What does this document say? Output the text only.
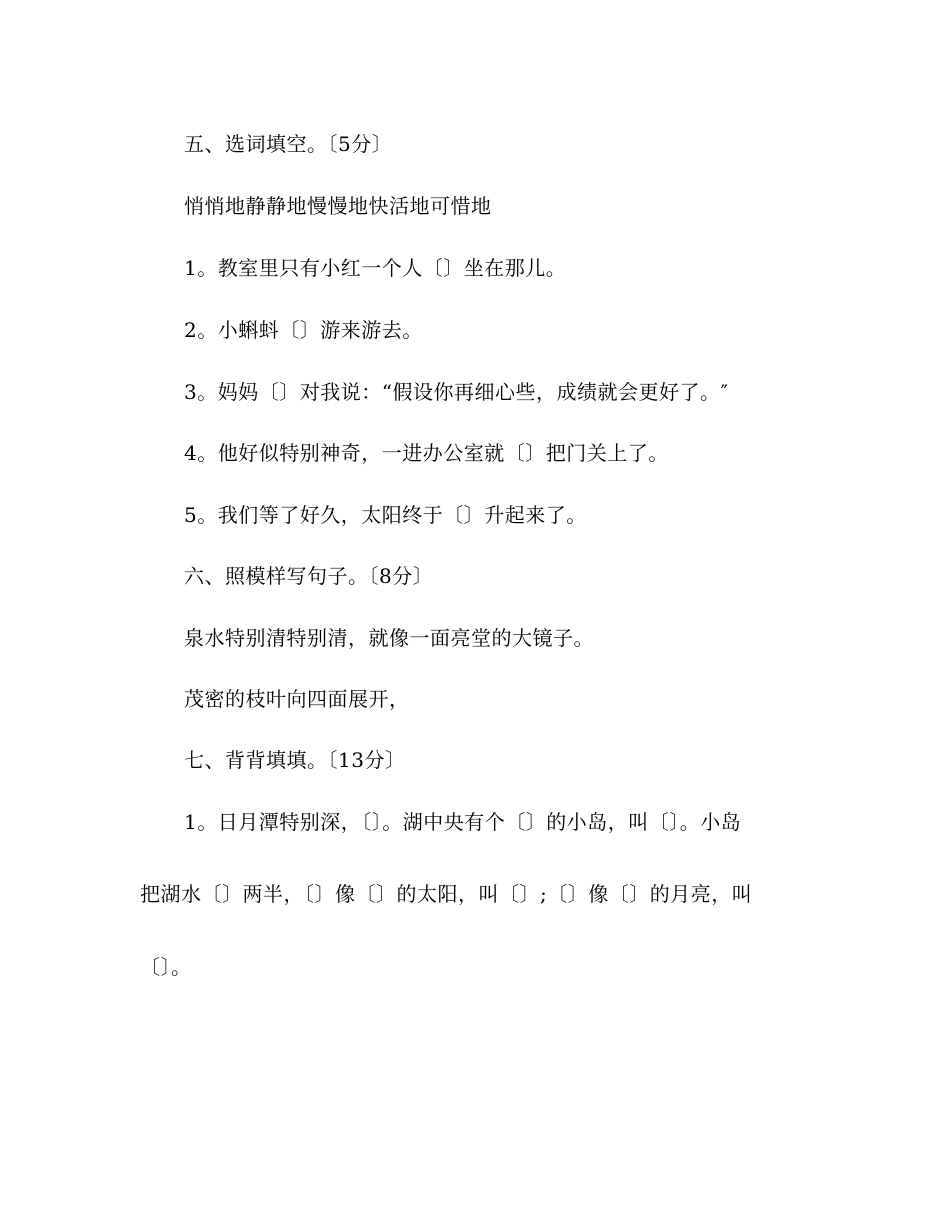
五、选词填空。〔5分〕
悄悄地静静地慢慢地快活地可惜地
1。教室里只有小红一个人〔〕坐在那儿。
2。小蝌蚪〔〕游来游去。
3。妈妈〔〕对我说：“假设你再细心些，成绩就会更好了。″
4。他好似特别神奇，一进办公室就〔〕把门关上了。
5。我们等了好久，太阳终于〔〕升起来了。
六、照模样写句子。〔8分〕
泉水特别清特别清，就像一面亮堂的大镜子。
茂密的枝叶向四面展开，
七、背背填填。〔13分〕
1。日月潭特别深，〔〕。湖中央有个〔〕的小岛，叫〔〕。小岛
把湖水〔〕两半，〔〕像〔〕的太阳，叫〔〕;〔〕像〔〕的月亮，叫
〔〕。
